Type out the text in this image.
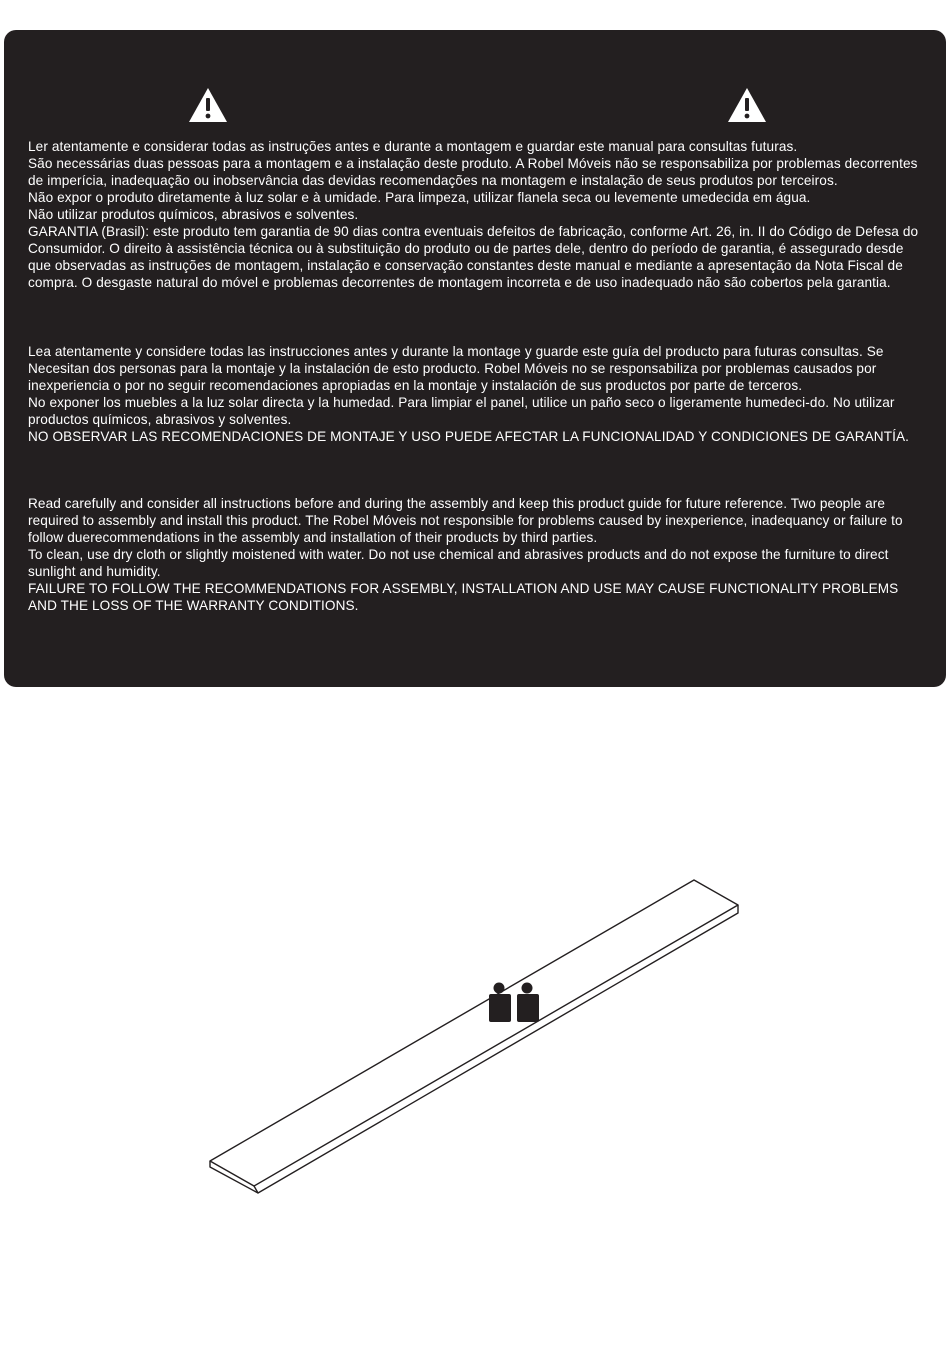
Ler atentamente e considerar todas as instruções antes e durante a montagem e guardar este manual para consultas futuras.

São necessárias duas pessoas para a montagem e a instalação deste produto. A Robel Móveis não se responsabiliza por problemas decorrentes de imperícia, inadequação ou inobservância das devidas recomendações na montagem e instalação de seus produtos por terceiros.

Não expor o produto diretamente à luz solar e à umidade. Para limpeza, utilizar flanela seca ou levemente umedecida em água.

Não utilizar produtos químicos, abrasivos e solventes.

GARANTIA (Brasil): este produto tem garantia de 90 dias contra eventuais defeitos de fabricação, conforme Art. 26, in. II do Código de Defesa do Consumidor. O direito à assistência técnica ou à substituição do produto ou de partes dele, dentro do período de garantia, é assegurado desde que observadas as instruções de montagem, instalação e conservação constantes deste manual e mediante a apresentação da Nota Fiscal de compra. O desgaste natural do móvel e problemas decorrentes de montagem incorreta e de uso inadequado não são cobertos pela garantia.

Lea atentamente y considere todas las instrucciones antes y durante la montage y guarde este guía del producto para futuras consultas. Se Necesitan dos personas para la montaje y la instalación de esto producto. Robel Móveis no se responsabiliza por problemas causados por inexperiencia o por no seguir recomendaciones apropiadas en la montaje y instalación de sus productos por parte de terceros.

No exponer los muebles a la luz solar directa y la humedad. Para limpiar el panel, utilice un paño seco o ligeramente humedeci-do. No utilizar productos químicos, abrasivos y solventes.

NO OBSERVAR LAS RECOMENDACIONES DE MONTAJE Y USO PUEDE AFECTAR LA FUNCIONALIDAD Y CONDICIONES DE GARANTÍA.

Read carefully and consider all instructions before and during the assembly and keep this product guide for future reference. Two people are required to assembly and install this product. The Robel Móveis not responsible for problems caused by inexperience, inadequancy or failure to follow duerecommendations in the assembly and installation of their products by third parties.

To clean, use dry cloth or slightly moistened with water. Do not use chemical and abrasives products and do not expose the furniture to direct sunlight and humidity.

FAILURE TO FOLLOW THE RECOMMENDATIONS FOR ASSEMBLY, INSTALLATION AND USE MAY CAUSE FUNCTIONALITY PROBLEMS AND THE LOSS OF THE WARRANTY CONDITIONS.
